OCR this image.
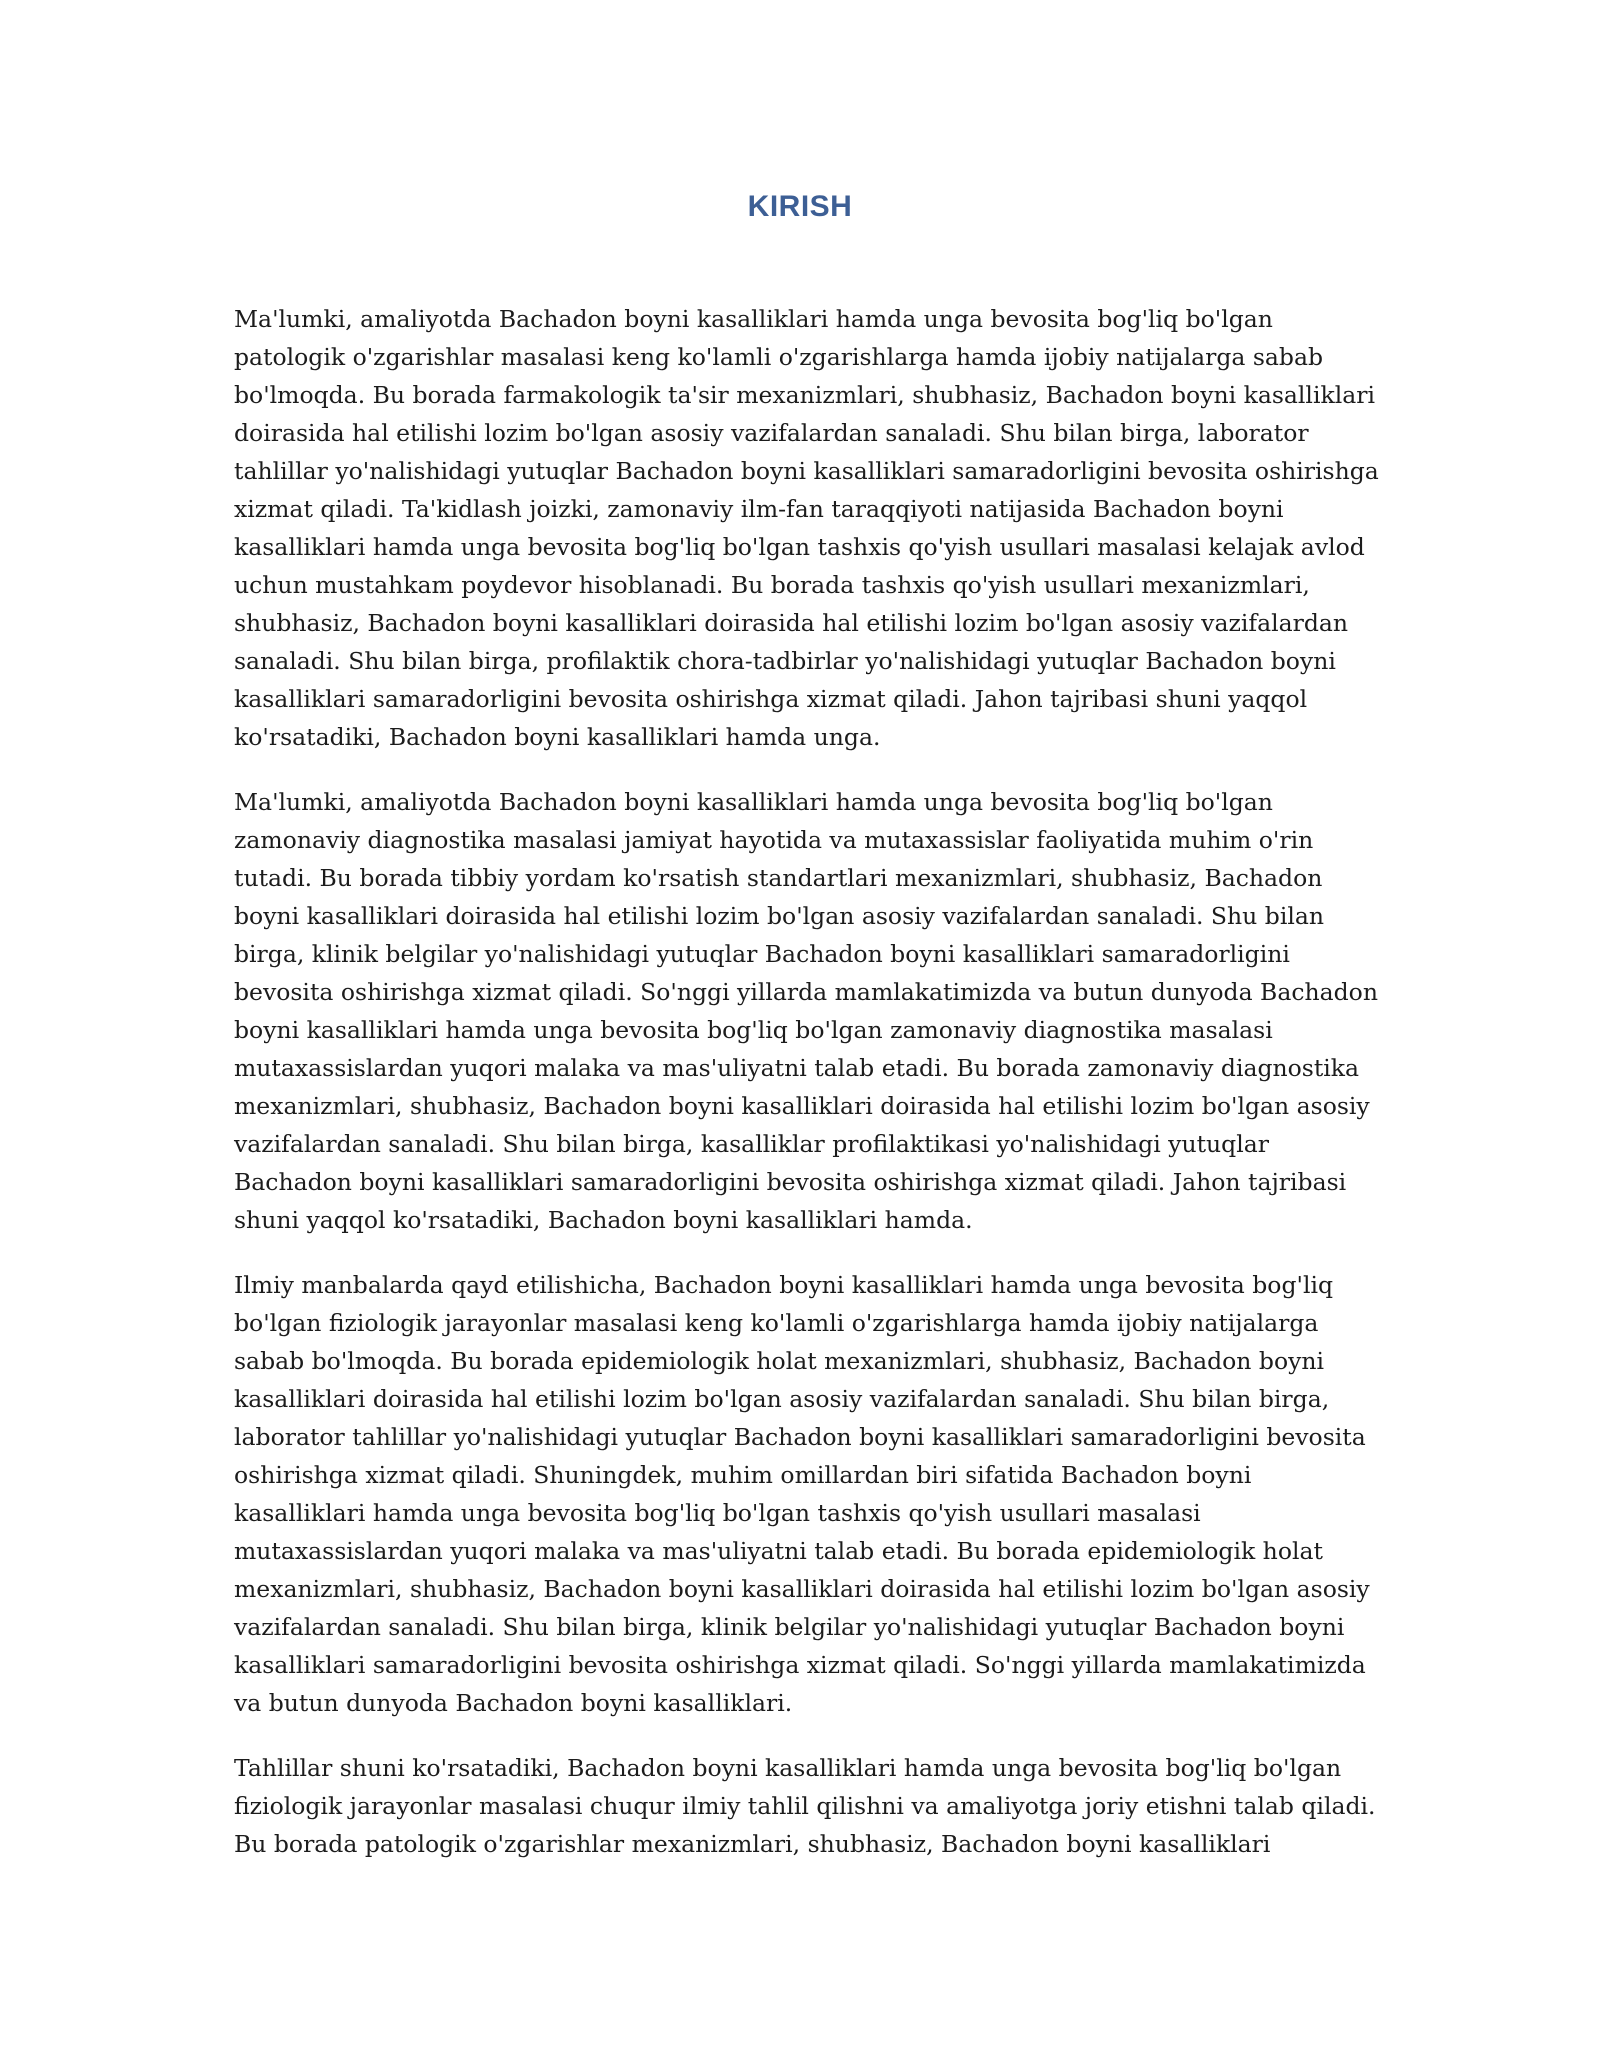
KIRISH

Ma'lumki, amaliyotda Bachadon boyni kasalliklari hamda unga bevosita bog'liq bo'lgan patologik o'zgarishlar masalasi keng ko'lamli o'zgarishlarga hamda ijobiy natijalarga sabab bo'lmoqda. Bu borada farmakologik ta'sir mexanizmlari, shubhasiz, Bachadon boyni kasalliklari doirasida hal etilishi lozim bo'lgan asosiy vazifalardan sanaladi. Shu bilan birga, laborator tahlillar yo'nalishidagi yutuqlar Bachadon boyni kasalliklari samaradorligini bevosita oshirishga xizmat qiladi. Ta'kidlash joizki, zamonaviy ilm-fan taraqqiyoti natijasida Bachadon boyni kasalliklari hamda unga bevosita bog'liq bo'lgan tashxis qo'yish usullari masalasi kelajak avlod uchun mustahkam poydevor hisoblanadi. Bu borada tashxis qo'yish usullari mexanizmlari, shubhasiz, Bachadon boyni kasalliklari doirasida hal etilishi lozim bo'lgan asosiy vazifalardan sanaladi. Shu bilan birga, profilaktik chora-tadbirlar yo'nalishidagi yutuqlar Bachadon boyni kasalliklari samaradorligini bevosita oshirishga xizmat qiladi. Jahon tajribasi shuni yaqqol ko'rsatadiki, Bachadon boyni kasalliklari hamda unga.

Ma'lumki, amaliyotda Bachadon boyni kasalliklari hamda unga bevosita bog'liq bo'lgan zamonaviy diagnostika masalasi jamiyat hayotida va mutaxassislar faoliyatida muhim o'rin tutadi. Bu borada tibbiy yordam ko'rsatish standartlari mexanizmlari, shubhasiz, Bachadon boyni kasalliklari doirasida hal etilishi lozim bo'lgan asosiy vazifalardan sanaladi. Shu bilan birga, klinik belgilar yo'nalishidagi yutuqlar Bachadon boyni kasalliklari samaradorligini bevosita oshirishga xizmat qiladi. So'nggi yillarda mamlakatimizda va butun dunyoda Bachadon boyni kasalliklari hamda unga bevosita bog'liq bo'lgan zamonaviy diagnostika masalasi mutaxassislardan yuqori malaka va mas'uliyatni talab etadi. Bu borada zamonaviy diagnostika mexanizmlari, shubhasiz, Bachadon boyni kasalliklari doirasida hal etilishi lozim bo'lgan asosiy vazifalardan sanaladi. Shu bilan birga, kasalliklar profilaktikasi yo'nalishidagi yutuqlar Bachadon boyni kasalliklari samaradorligini bevosita oshirishga xizmat qiladi. Jahon tajribasi shuni yaqqol ko'rsatadiki, Bachadon boyni kasalliklari hamda.

Ilmiy manbalarda qayd etilishicha, Bachadon boyni kasalliklari hamda unga bevosita bog'liq bo'lgan fiziologik jarayonlar masalasi keng ko'lamli o'zgarishlarga hamda ijobiy natijalarga sabab bo'lmoqda. Bu borada epidemiologik holat mexanizmlari, shubhasiz, Bachadon boyni kasalliklari doirasida hal etilishi lozim bo'lgan asosiy vazifalardan sanaladi. Shu bilan birga, laborator tahlillar yo'nalishidagi yutuqlar Bachadon boyni kasalliklari samaradorligini bevosita oshirishga xizmat qiladi. Shuningdek, muhim omillardan biri sifatida Bachadon boyni kasalliklari hamda unga bevosita bog'liq bo'lgan tashxis qo'yish usullari masalasi mutaxassislardan yuqori malaka va mas'uliyatni talab etadi. Bu borada epidemiologik holat mexanizmlari, shubhasiz, Bachadon boyni kasalliklari doirasida hal etilishi lozim bo'lgan asosiy vazifalardan sanaladi. Shu bilan birga, klinik belgilar yo'nalishidagi yutuqlar Bachadon boyni kasalliklari samaradorligini bevosita oshirishga xizmat qiladi. So'nggi yillarda mamlakatimizda va butun dunyoda Bachadon boyni kasalliklari.

Tahlillar shuni ko'rsatadiki, Bachadon boyni kasalliklari hamda unga bevosita bog'liq bo'lgan fiziologik jarayonlar masalasi chuqur ilmiy tahlil qilishni va amaliyotga joriy etishni talab qiladi. Bu borada patologik o'zgarishlar mexanizmlari, shubhasiz, Bachadon boyni kasalliklari
